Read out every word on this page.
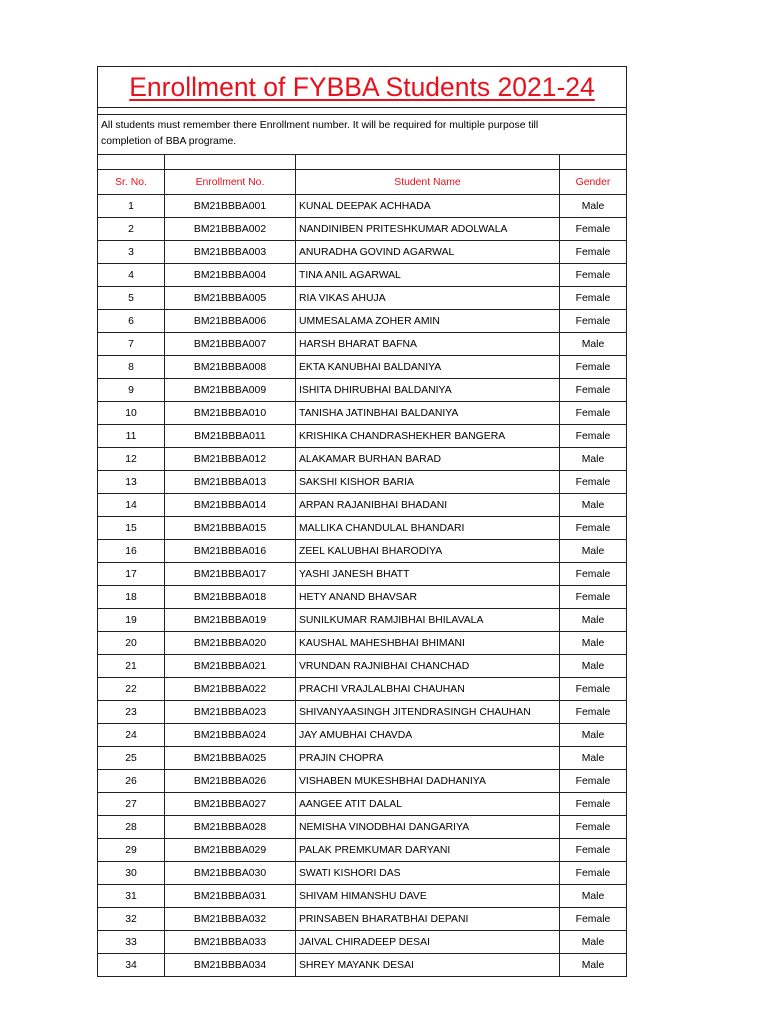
Enrollment of FYBBA Students 2021-24
All students must remember there Enrollment number. It will be required for multiple purpose till
completion of BBA programe.

Sr. No.	Enrollment No.	Student Name	Gender
1	BM21BBBA001	KUNAL DEEPAK ACHHADA	Male
2	BM21BBBA002	NANDINIBEN PRITESHKUMAR ADOLWALA	Female
3	BM21BBBA003	ANURADHA GOVIND AGARWAL	Female
4	BM21BBBA004	TINA ANIL AGARWAL	Female
5	BM21BBBA005	RIA VIKAS AHUJA	Female
6	BM21BBBA006	UMMESALAMA ZOHER AMIN	Female
7	BM21BBBA007	HARSH BHARAT BAFNA	Male
8	BM21BBBA008	EKTA KANUBHAI BALDANIYA	Female
9	BM21BBBA009	ISHITA DHIRUBHAI BALDANIYA	Female
10	BM21BBBA010	TANISHA JATINBHAI BALDANIYA	Female
11	BM21BBBA011	KRISHIKA CHANDRASHEKHER BANGERA	Female
12	BM21BBBA012	ALAKAMAR BURHAN BARAD	Male
13	BM21BBBA013	SAKSHI KISHOR BARIA	Female
14	BM21BBBA014	ARPAN RAJANIBHAI BHADANI	Male
15	BM21BBBA015	MALLIKA CHANDULAL BHANDARI	Female
16	BM21BBBA016	ZEEL KALUBHAI BHARODIYA	Male
17	BM21BBBA017	YASHI JANESH BHATT	Female
18	BM21BBBA018	HETY ANAND BHAVSAR	Female
19	BM21BBBA019	SUNILKUMAR RAMJIBHAI BHILAVALA	Male
20	BM21BBBA020	KAUSHAL MAHESHBHAI BHIMANI	Male
21	BM21BBBA021	VRUNDAN RAJNIBHAI CHANCHAD	Male
22	BM21BBBA022	PRACHI VRAJLALBHAI CHAUHAN	Female
23	BM21BBBA023	SHIVANYAASINGH JITENDRASINGH CHAUHAN	Female
24	BM21BBBA024	JAY AMUBHAI CHAVDA	Male
25	BM21BBBA025	PRAJIN CHOPRA	Male
26	BM21BBBA026	VISHABEN MUKESHBHAI DADHANIYA	Female
27	BM21BBBA027	AANGEE ATIT DALAL	Female
28	BM21BBBA028	NEMISHA VINODBHAI DANGARIYA	Female
29	BM21BBBA029	PALAK PREMKUMAR DARYANI	Female
30	BM21BBBA030	SWATI KISHORI DAS	Female
31	BM21BBBA031	SHIVAM HIMANSHU DAVE	Male
32	BM21BBBA032	PRINSABEN BHARATBHAI DEPANI	Female
33	BM21BBBA033	JAIVAL CHIRADEEP DESAI	Male
34	BM21BBBA034	SHREY MAYANK DESAI	Male
